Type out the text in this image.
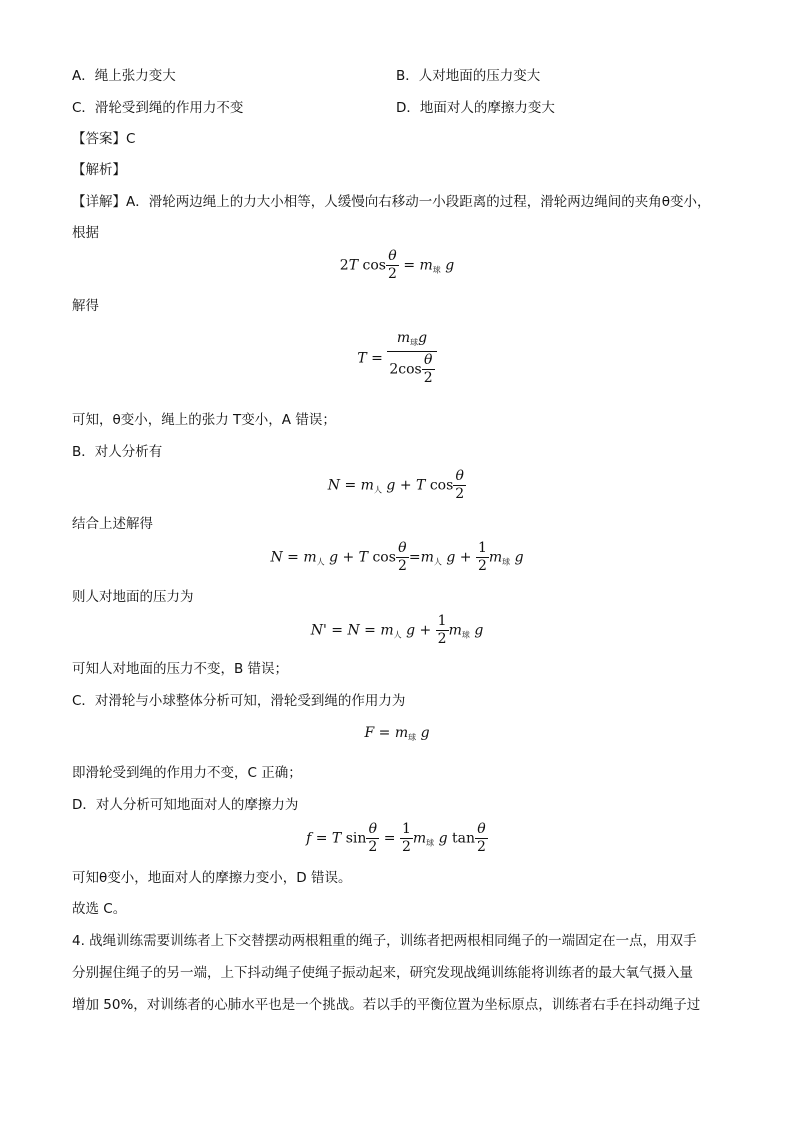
A．绳上张力变大	B．人对地面的压力变大
C．滑轮受到绳的作用力不变	D．地面对人的摩擦力变大
【答案】C
【解析】
【详解】A．滑轮两边绳上的力大小相等，人缓慢向右移动一小段距离的过程，滑轮两边绳间的夹角θ变小，
根据
2T $\cos \frac{\theta}{2} = m_球$ g
解得
$T = \frac{m_球g}{2\cos \frac{\theta}{2}}$
可知，θ变小，绳上的张力 T变小，A 错误；
B．对人分析有
$N = m_人$ g + T $\cos \frac{\theta}{2}$
结合上述解得
$N = m_人$ g + T $\cos \frac{\theta}{2} =m_人$ $g + \frac{1}{2} m_球$ g
则人对地面的压力为
$N' = N = m_人$ $g + \frac{1}{2} m_球$ g
可知人对地面的压力不变，B 错误；
C．对滑轮与小球整体分析可知，滑轮受到绳的作用力为
$F = m_球$ g
即滑轮受到绳的作用力不变，C 正确；
D．对人分析可知地面对人的摩擦力为
f = T $\sin \frac{\theta}{2} = \frac{1}{2} m_球$ g $\tan \frac{\theta}{2}$
可知θ变小，地面对人的摩擦力变小，D 错误。
故选 C。
4. 战绳训练需要训练者上下交替摆动两根粗重的绳子，训练者把两根相同绳子的一端固定在一点，用双手
分别握住绳子的另一端，上下抖动绳子使绳子振动起来，研究发现战绳训练能将训练者的最大氧气摄入量
增加 50%，对训练者的心肺水平也是一个挑战。若以手的平衡位置为坐标原点，训练者右手在抖动绳子过
